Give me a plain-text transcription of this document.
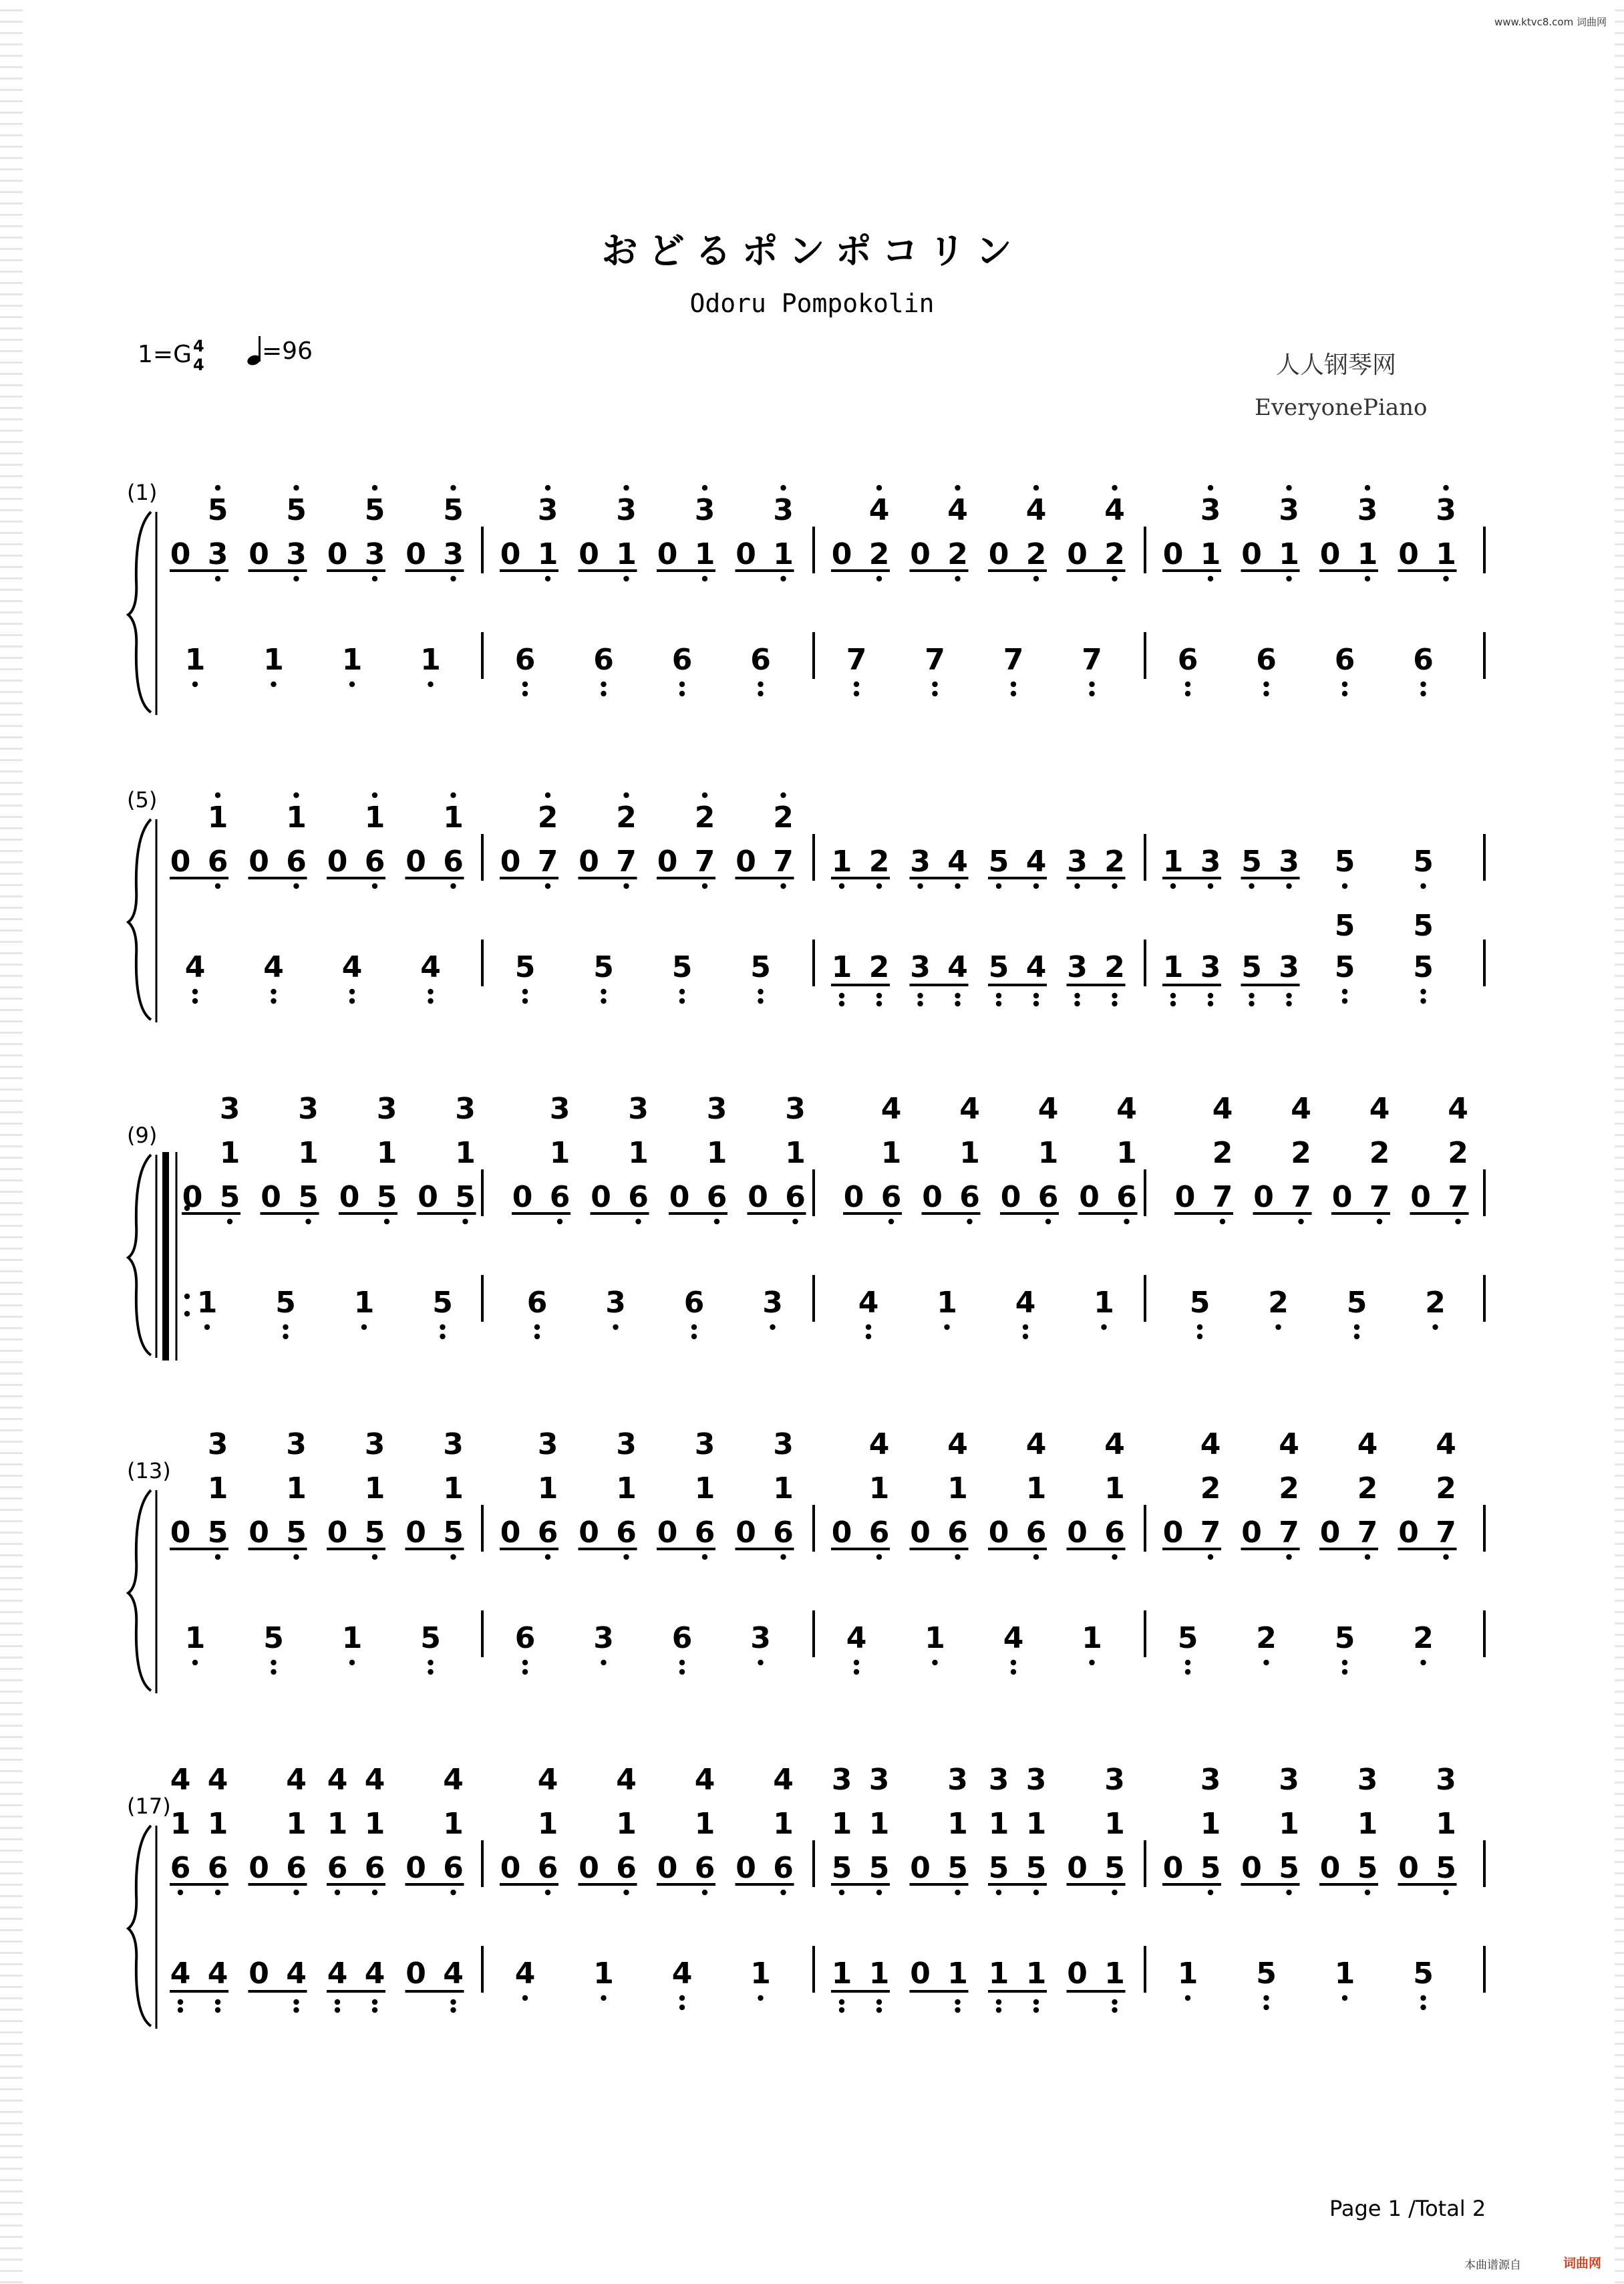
www.ktvc8.com 词曲网
おどるポンポコリン
Odoru Pompokolin
1=G 4
4	=96
人人钢琴网
EveryonePiano
(1)
0 3
5
0 3
5
0 3
5
0 3
5
1 1 1 1
0 1
3
0 1
3
0 1
3
0 1
3
6 6 6 6
0 2
4
0 2
4
0 2
4
0 2
4
7 7 7 7
0 1
3
0 1
3
0 1
3
0 1
3
6 6 6 6
(5)
0 6
1
0 6
1
0 6
1
0 6
1
4 4 4 4
0 7
2
0 7
2
0 7
2
0 7
2
5 5 5 5
1 2 3 4 5 4 3 2
1 2 3 4 5 4 3 2
1 3 5 3 5 5
1 3 5 3 5
5
5
5
(9)
0 5
1
3
0 5
1
3
0 5
1
3
0 5
1
3
1 5 1 5
0 6
1
3
0 6
1
3
0 6
1
3
0 6
1
3
6 3 6 3
0 6
1
4
0 6
1
4
0 6
1
4
0 6
1
4
4 1 4 1
0 7
2
4
0 7
2
4
0 7
2
4
0 7
2
4
5 2 5 2
(13)
0 5
1
3
0 5
1
3
0 5
1
3
0 5
1
3
1 5 1 5
0 6
1
3
0 6
1
3
0 6
1
3
0 6
1
3
6 3 6 3
0 6
1
4
0 6
1
4
0 6
1
4
0 6
1
4
4 1 4 1
0 7
2
4
0 7
2
4
0 7
2
4
0 7
2
4
5 2 5 2
(17)
6
1
4
6
1
4
0 6
1
4
6
1
4
6
1
4
0 6
1
4
4 4 0 4 4 4 0 4
0 6
1
4
0 6
1
4
0 6
1
4
0 6
1
4
4 1 4 1
5
1
3
5
1
3
0 5
1
3
5
1
3
5
1
3
0 5
1
3
1 1 0 1 1 1 0 1
0 5
1
3
0 5
1
3
0 5
1
3
0 5
1
3
1 5 1 5
Page 1 /Total 2
本曲谱源自	词曲网
